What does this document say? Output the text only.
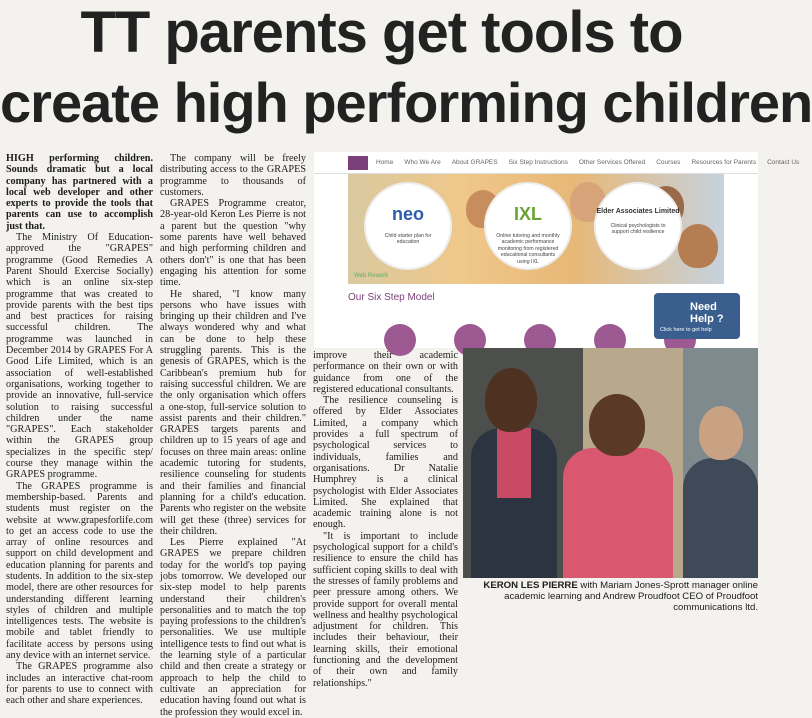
TT parents get tools to
create high performing children

HIGH performing children. Sounds dramatic but a local company has partnered with a local web developer and other experts to provide the tools that parents can use to accomplish just that.

The Ministry Of Education-approved the "GRAPES" programme (Good Remedies A Parent Should Exercise Socially) which is an online six-step programme that was created to provide parents with the best tips and best practices for raising successful children. The programme was launched in December 2014 by GRAPES For A Good Life Limited, which is an association of well-established organisations, working together to provide an innovative, full-service solution to raising successful children under the name "GRAPES". Each stakeholder within the GRAPES group specializes in the specific step/ course they manage within the GRAPES programme.

The GRAPES programme is membership-based. Parents and students must register on the website at www.grapesforlife.com to get an access code to use the array of online resources and support on child development and education planning for parents and students. In addition to the six-step model, there are other resources for understanding different learning styles of children and multiple intelligences tests. The website is mobile and tablet friendly to facilitate access by persons using any device with an internet service.

The GRAPES programme also includes an interactive chat-room for parents to use to connect with each other and share experiences.

The company will be freely distributing access to the GRAPES programme to thousands of customers.

GRAPES Programme creator, 28-year-old Keron Les Pierre is not a parent but the question "why some parents have well behaved and high performing children and others don't" is one that has been engaging his attention for some time.

He shared, "I know many persons who have issues with bringing up their children and I've always wondered why and what can be done to help these struggling parents. This is the genesis of GRAPES, which is the Caribbean's premium hub for raising successful children. We are the only organisation which offers a one-stop, full-service solution to assist parents and their children." GRAPES targets parents and children up to 15 years of age and focuses on three main areas: online academic tutoring for students, resilience counseling for students and their families and financial planning for a child's education. Parents who register on the website will get these (three) services for their children.

Les Pierre explained "At GRAPES we prepare children today for the world's top paying jobs tomorrow. We developed our six-step model to help parents understand their children's personalities and to match the top paying professions to the children's personalities. We use multiple intelligence tests to find out what is the learning style of a particular child and then create a strategy or approach to help the child to cultivate an appreciation for education having found out what is the profession they would excel in.

Home Who We Are About GRAPES Six Step Instructions Other Services Offered Courses Resources for Parents Contact Us
neo
Child starter plan for education
IXL
Online tutoring and monthly academic performance monitoring from registered educational consultants using IXL
Elder Associates Limited
Clinical psychologists to support child resilience
Web Rework
Our Six Step Model
Need Help ?
Click here to get help

improve their academic performance on their own or with guidance from one of the registered educational consultants.

The resilience counseling is offered by Elder Associates Limited, a company which provides a full spectrum of psychological services to individuals, families and organisations. Dr Natalie Humphrey is a clinical psychologist with Elder Associates Limited. She explained that academic training alone is not enough.

"It is important to include psychological support for a child's resilience to ensure the child has sufficient coping skills to deal with the stresses of family problems and peer pressure among others. We provide support for overall mental wellness and healthy psychological adjustment for children. This includes their behaviour, their learning skills, their emotional functioning and the development of their own and family relationships."

KERON LES PIERRE with Mariam Jones-Sprott manager online academic learning and Andrew Proudfoot CEO of Proudfoot communications ltd.
